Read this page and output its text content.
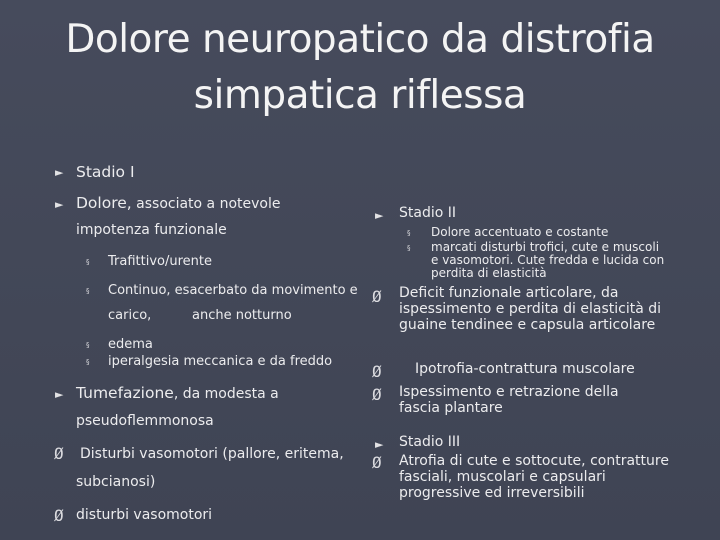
Dolore neuropatico da distrofia
simpatica riflessa
► Stadio I
► Dolore, associato a notevole
impotenza funzionale
§ Trafittivo/urente
§ Continuo, esacerbato da movimento e
carico,	anche notturno
§ edema
§ iperalgesia meccanica e da freddo
► Tumefazione, da modesta a
pseudoflemmonosa
Ø Disturbi vasomotori (pallore, eritema,
subcianosi)
Ø disturbi vasomotori
► Stadio II
§ Dolore accentuato e costante
§ marcati disturbi trofici, cute e muscoli e vasomotori. Cute fredda e lucida con perdita di elasticità
Ø Deficit funzionale articolare, da ispessimento e perdita di elasticità di guaine tendinee e capsula articolare
Ø Ipotrofia-contrattura muscolare
Ø Ispessimento e retrazione della fascia plantare
► Stadio III
Ø Atrofia di cute e sottocute, contratture fasciali, muscolari e capsulari progressive ed irreversibili
